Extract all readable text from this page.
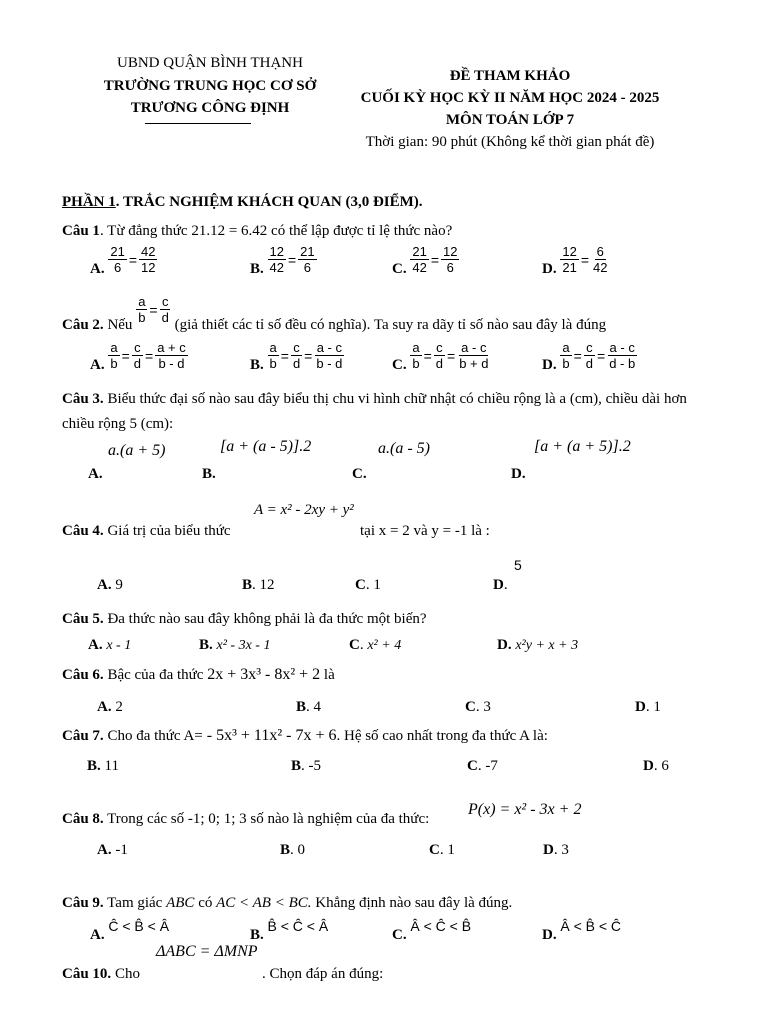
UBND QUẬN BÌNH THẠNH
TRƯỜNG TRUNG HỌC CƠ SỞ
TRƯƠNG CÔNG ĐỊNH
ĐỀ THAM KHẢO
CUỐI KỲ HỌC KỲ II NĂM HỌC 2024 - 2025
MÔN TOÁN LỚP 7
Thời gian: 90 phút (Không kể thời gian phát đề)
PHẦN 1. TRẮC NGHIỆM KHÁCH QUAN (3,0 ĐIỂM).
Câu 1. Từ đẳng thức 21.12 = 6.42 có thể lập được tỉ lệ thức nào?
A. $\frac{21}{6} = \frac{42}{12}$	B. $\frac{12}{42} = \frac{21}{6}$	C. $\frac{21}{42} = \frac{12}{6}$	D. $\frac{12}{21} = \frac{6}{42}$
Câu 2. Nếu $\frac{a}{b} = \frac{c}{d}$ (giả thiết các tỉ số đều có nghĩa). Ta suy ra dãy tỉ số nào sau đây là đúng
A. $\frac{a}{b} = \frac{c}{d} = \frac{a + c}{b - d}$	B. $\frac{a}{b} = \frac{c}{d} = \frac{a - c}{b - d}$	C. $\frac{a}{b} = \frac{c}{d} = \frac{a - c}{b + d}$	D. $\frac{a}{b} = \frac{c}{d} = \frac{a - c}{d - b}$
Câu 3. Biểu thức đại số nào sau đây biểu thị chu vi hình chữ nhật có chiều rộng là a (cm), chiều dài hơn
chiều rộng 5 (cm):
a.(a + 5)	[a + (a - 5)].2	a.(a - 5)	[a + (a + 5)].2
A.	B.	C.	D.
A = x² - 2xy + y²
Câu 4. Giá trị của biểu thức	tại x = 2 và y = -1 là :
5
A. 9	B. 12	C. 1	D.
Câu 5. Đa thức nào sau đây không phải là đa thức một biến?
A. x - 1	B. x² - 3x - 1	C. x² + 4	D. x²y + x + 3
Câu 6. Bậc của đa thức 2x + 3x³ - 8x² + 2 là
A. 2	B. 4	C. 3	D. 1
Câu 7. Cho đa thức A= - 5x³ + 11x² - 7x + 6. Hệ số cao nhất trong đa thức A là:
B. 11	B. -5	C. -7	D. 6
Câu 8. Trong các số -1; 0; 1; 3 số nào là nghiệm của đa thức:
P(x) = x² - 3x + 2
A. -1	B. 0	C. 1	D. 3
Câu 9. Tam giác ABC có AC < AB < BC. Khẳng định nào sau đây là đúng.
A. Ĉ < B̂ < Â
B. B̂ < Ĉ < Â
C. Â < Ĉ < B̂
D. Â < B̂ < Ĉ
ΔABC = ΔMNP
Câu 10. Cho	. Chọn đáp án đúng:
